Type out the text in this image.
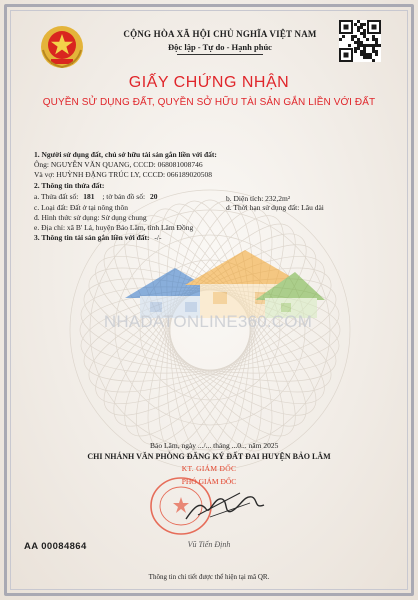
CỘNG HÒA XÃ HỘI CHỦ NGHĨA VIỆT NAM
Độc lập - Tự do - Hạnh phúc
GIẤY CHỨNG NHẬN
QUYỀN SỬ DỤNG ĐẤT, QUYỀN SỞ HỮU TÀI SẢN GẮN LIỀN VỚI ĐẤT
1. Người sử dụng đất, chủ sở hữu tài sản gắn liền với đất:
Ông: NGUYỄN VĂN QUANG, CCCD: 068081008746
Và vợ: HUỲNH ĐẶNG TRÚC LY, CCCD: 066189020508
2. Thông tin thửa đất:
a. Thửa đất số: 181 ; tờ bản đồ số: 20	b. Diện tích: 232,2m²
c. Loại đất: Đất ở tại nông thôn	d. Thời hạn sử dụng đất: Lâu dài
đ. Hình thức sử dụng: Sử dụng chung
e. Địa chỉ: xã B' Lá, huyện Bảo Lâm, tỉnh Lâm Đồng
3. Thông tin tài sản gắn liền với đất: -/-
NHADATONLINE360.COM
Bảo Lâm, ngày .../... tháng ...0... năm 2025
CHI NHÁNH VĂN PHÒNG ĐĂNG KÝ ĐẤT ĐAI HUYỆN BẢO LÂM
KT. GIÁM ĐỐC
PHÓ GIÁM ĐỐC
Vũ Tiến Định
AA 00084864
Thông tin chi tiết được thể hiện tại mã QR.
